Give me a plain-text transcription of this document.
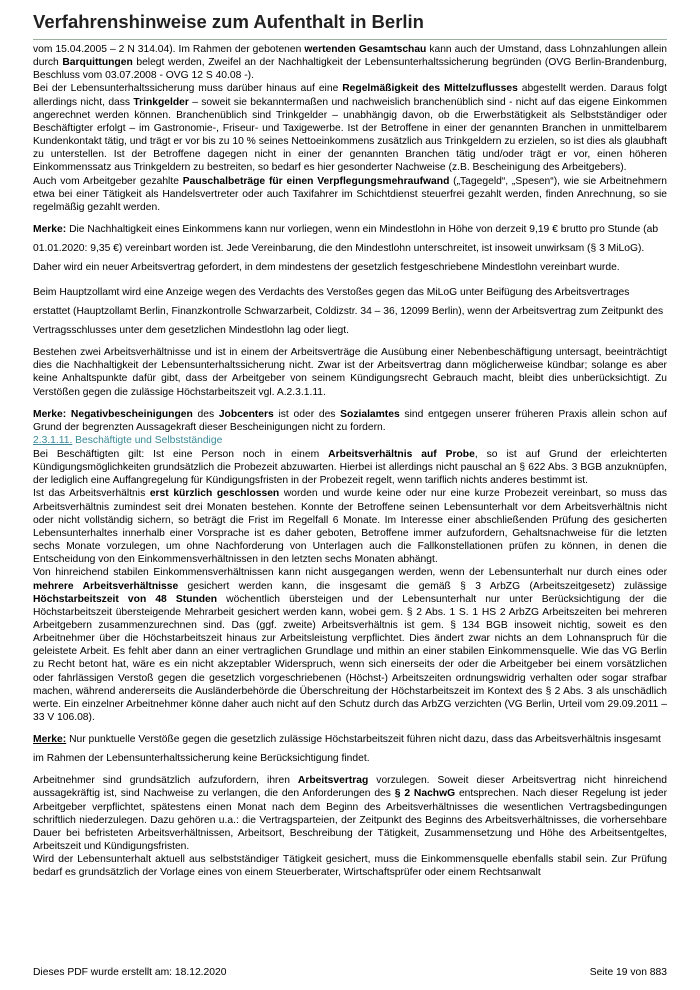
Verfahrenshinweise zum Aufenthalt in Berlin

vom 15.04.2005 – 2 N 314.04). Im Rahmen der gebotenen wertenden Gesamtschau kann auch der Umstand, dass Lohnzahlungen allein durch Barquittungen belegt werden, Zweifel an der Nachhaltigkeit der Lebensunterhaltssicherung begründen (OVG Berlin-Brandenburg, Beschluss vom 03.07.2008 - OVG 12 S 40.08 -).

Bei der Lebensunterhaltssicherung muss darüber hinaus auf eine Regelmäßigkeit des Mittelzuflusses abgestellt werden. Daraus folgt allerdings nicht, dass Trinkgelder – soweit sie bekanntermaßen und nachweislich branchenüblich sind - nicht auf das eigene Einkommen angerechnet werden können. Branchenüblich sind Trinkgelder – unabhängig davon, ob die Erwerbstätigkeit als Selbstständiger oder Beschäftigter erfolgt – im Gastronomie-, Friseur- und Taxigewerbe. Ist der Betroffene in einer der genannten Branchen in unmittelbarem Kundenkontakt tätig, und trägt er vor bis zu 10 % seines Nettoeinkommens zusätzlich aus Trinkgeldern zu erzielen, so ist dies als glaubhaft zu unterstellen. Ist der Betroffene dagegen nicht in einer der genannten Branchen tätig und/oder trägt er vor, einen höheren Einkommenssatz aus Trinkgeldern zu bestreiten, so bedarf es hier gesonderter Nachweise (z.B. Bescheinigung des Arbeitgebers).

Auch vom Arbeitgeber gezahlte Pauschalbeträge für einen Verpflegungsmehraufwand („Tagegeld“, „Spesen“), wie sie Arbeitnehmern etwa bei einer Tätigkeit als Handelsvertreter oder auch Taxifahrer im Schichtdienst steuerfrei gezahlt werden, finden Anrechnung, so sie regelmäßig gezahlt werden.

Merke: Die Nachhaltigkeit eines Einkommens kann nur vorliegen, wenn ein Mindestlohn in Höhe von derzeit 9,19 € brutto pro Stunde (ab 01.01.2020: 9,35 €) vereinbart worden ist. Jede Vereinbarung, die den Mindestlohn unterschreitet, ist insoweit unwirksam (§ 3 MiLoG). Daher wird ein neuer Arbeitsvertrag gefordert, in dem mindestens der gesetzlich festgeschriebene Mindestlohn vereinbart wurde.

Beim Hauptzollamt wird eine Anzeige wegen des Verdachts des Verstoßes gegen das MiLoG unter Beifügung des Arbeitsvertrages erstattet (Hauptzollamt Berlin, Finanzkontrolle Schwarzarbeit, Coldizstr. 34 – 36, 12099 Berlin), wenn der Arbeitsvertrag zum Zeitpunkt des Vertragsschlusses unter dem gesetzlichen Mindestlohn lag oder liegt.

Bestehen zwei Arbeitsverhältnisse und ist in einem der Arbeitsverträge die Ausübung einer Nebenbeschäftigung untersagt, beeinträchtigt dies die Nachhaltigkeit der Lebensunterhaltssicherung nicht. Zwar ist der Arbeitsvertrag dann möglicherweise kündbar; solange es aber keine Anhaltspunkte dafür gibt, dass der Arbeitgeber von seinem Kündigungsrecht Gebrauch macht, bleibt dies unberücksichtigt. Zu Verstößen gegen die zulässige Höchstarbeitszeit vgl. A.2.3.1.11.

Merke: Negativbescheinigungen des Jobcenters ist oder des Sozialamtes sind entgegen unserer früheren Praxis allein schon auf Grund der begrenzten Aussagekraft dieser Bescheinigungen nicht zu fordern.

2.3.1.11. Beschäftigte und Selbstständige

Bei Beschäftigten gilt: Ist eine Person noch in einem Arbeitsverhältnis auf Probe, so ist auf Grund der erleichterten Kündigungsmöglichkeiten grundsätzlich die Probezeit abzuwarten. Hierbei ist allerdings nicht pauschal an § 622 Abs. 3 BGB anzuknüpfen, der lediglich eine Auffangregelung für Kündigungsfristen in der Probezeit regelt, wenn tariflich nichts anderes bestimmt ist.

Ist das Arbeitsverhältnis erst kürzlich geschlossen worden und wurde keine oder nur eine kurze Probezeit vereinbart, so muss das Arbeitsverhältnis zumindest seit drei Monaten bestehen. Konnte der Betroffene seinen Lebensunterhalt vor dem Arbeitsverhältnis nicht oder nicht vollständig sichern, so beträgt die Frist im Regelfall 6 Monate. Im Interesse einer abschließenden Prüfung des gesicherten Lebensunterhaltes innerhalb einer Vorsprache ist es daher geboten, Betroffene immer aufzufordern, Gehaltsnachweise für die letzten sechs Monate vorzulegen, um ohne Nachforderung von Unterlagen auch die Fallkonstellationen prüfen zu können, in denen die Entscheidung von den Einkommensverhältnissen in den letzten sechs Monaten abhängt.

Von hinreichend stabilen Einkommensverhältnissen kann nicht ausgegangen werden, wenn der Lebensunterhalt nur durch eines oder mehrere Arbeitsverhältnisse gesichert werden kann, die insgesamt die gemäß § 3 ArbZG (Arbeitszeitgesetz) zulässige Höchstarbeitszeit von 48 Stunden wöchentlich übersteigen und der Lebensunterhalt nur unter Berücksichtigung der die Höchstarbeitszeit übersteigende Mehrarbeit gesichert werden kann, wobei gem. § 2 Abs. 1 S. 1 HS 2 ArbZG Arbeitszeiten bei mehreren Arbeitgebern zusammenzurechnen sind. Das (ggf. zweite) Arbeitsverhältnis ist gem. § 134 BGB insoweit nichtig, soweit es den Arbeitnehmer über die Höchstarbeitszeit hinaus zur Arbeitsleistung verpflichtet. Dies ändert zwar nichts an dem Lohnanspruch für die geleistete Arbeit. Es fehlt aber dann an einer vertraglichen Grundlage und mithin an einer stabilen Einkommensquelle. Wie das VG Berlin zu Recht betont hat, wäre es ein nicht akzeptabler Widerspruch, wenn sich einerseits der oder die Arbeitgeber bei einem vorsätzlichen oder fahrlässigen Verstoß gegen die gesetzlich vorgeschriebenen (Höchst-) Arbeitszeiten ordnungswidrig verhalten oder sogar strafbar machen, während andererseits die Ausländerbehörde die Überschreitung der Höchstarbeitszeit im Kontext des § 2 Abs. 3 als unschädlich werte. Ein einzelner Arbeitnehmer könne daher auch nicht auf den Schutz durch das ArbZG verzichten (VG Berlin, Urteil vom 29.09.2011 – 33 V 106.08).

Merke: Nur punktuelle Verstöße gegen die gesetzlich zulässige Höchstarbeitszeit führen nicht dazu, dass das Arbeitsverhältnis insgesamt im Rahmen der Lebensunterhaltssicherung keine Berücksichtigung findet.

Arbeitnehmer sind grundsätzlich aufzufordern, ihren Arbeitsvertrag vorzulegen. Soweit dieser Arbeitsvertrag nicht hinreichend aussagekräftig ist, sind Nachweise zu verlangen, die den Anforderungen des § 2 NachwG entsprechen. Nach dieser Regelung ist jeder Arbeitgeber verpflichtet, spätestens einen Monat nach dem Beginn des Arbeitsverhältnisses die wesentlichen Vertragsbedingungen schriftlich niederzulegen. Dazu gehören u.a.: die Vertragsparteien, der Zeitpunkt des Beginns des Arbeitsverhältnisses, die vorhersehbare Dauer bei befristeten Arbeitsverhältnissen, Arbeitsort, Beschreibung der Tätigkeit, Zusammensetzung und Höhe des Arbeitsentgeltes, Arbeitszeit und Kündigungsfristen.

Wird der Lebensunterhalt aktuell aus selbstständiger Tätigkeit gesichert, muss die Einkommensquelle ebenfalls stabil sein. Zur Prüfung bedarf es grundsätzlich der Vorlage eines von einem Steuerberater, Wirtschaftsprüfer oder einem Rechtsanwalt

Dieses PDF wurde erstellt am: 18.12.2020	Seite 19 von 883
